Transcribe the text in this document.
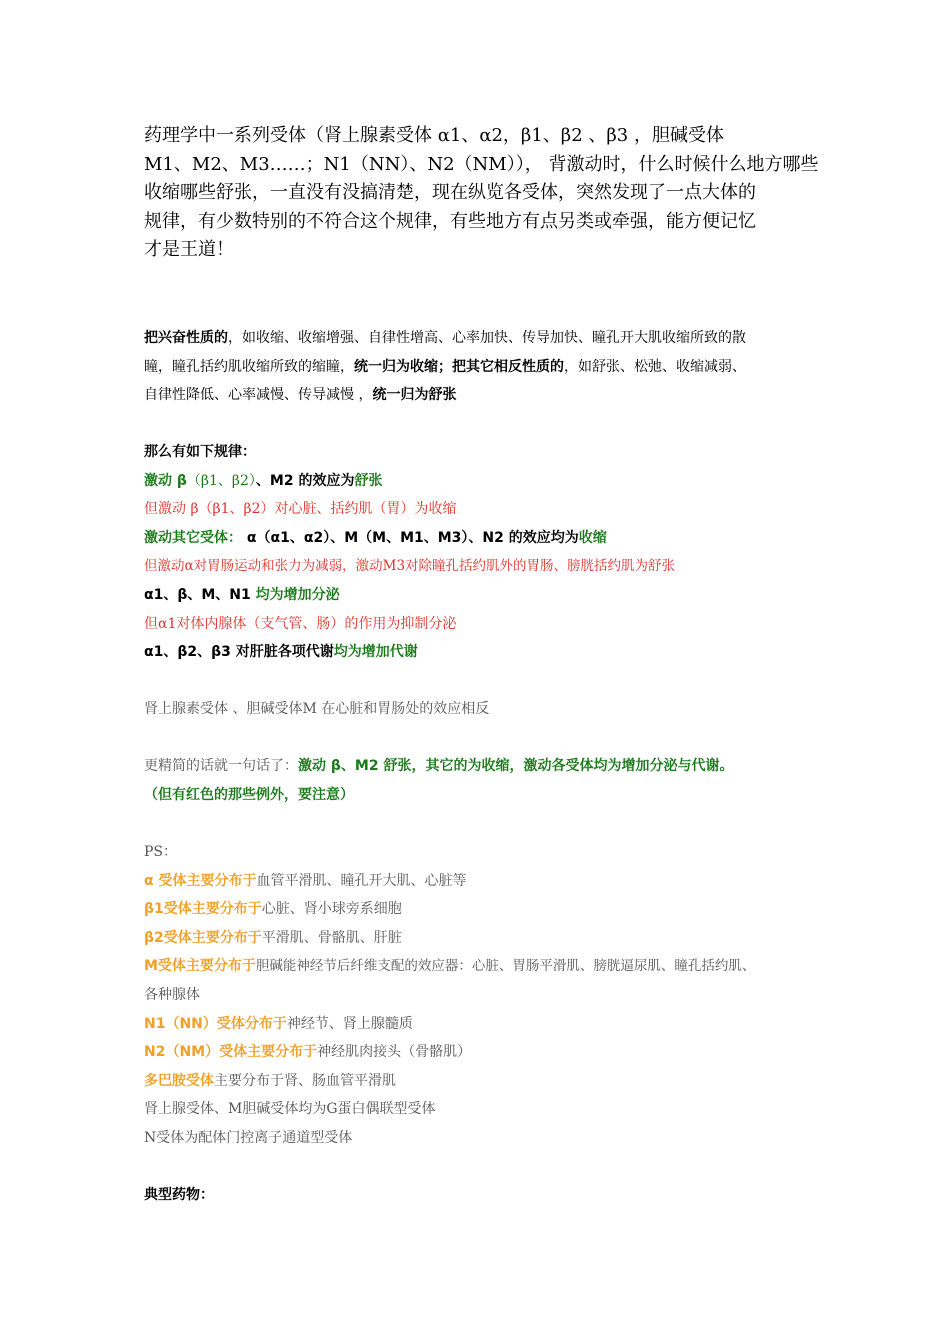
药理学中一系列受体（肾上腺素受体 α1、α2，β1、β2 、β3 ，胆碱受体
M1、M2、M3……；N1（NN）、N2（NM））， 背激动时，什么时候什么地方哪些
收缩哪些舒张，一直没有没搞清楚，现在纵览各受体，突然发现了一点大体的
规律，有少数特别的不符合这个规律，有些地方有点另类或牵强，能方便记忆
才是王道！
把兴奋性质的，如收缩、收缩增强、自律性增高、心率加快、传导加快、瞳孔开大肌收缩所致的散
瞳，瞳孔括约肌收缩所致的缩瞳，统一归为收缩；把其它相反性质的，如舒张、松弛、收缩减弱、
自律性降低、心率减慢、传导减慢 ，统一归为舒张
那么有如下规律：
激动 β（β1、β2）、M2 的效应为舒张
但激动 β（β1、β2）对心脏、括约肌（胃）为收缩
激动其它受体： α（α1、α2）、M（M、M1、M3）、N2 的效应均为收缩
但激动α对胃肠运动和张力为减弱，激动M3对除瞳孔括约肌外的胃肠、膀胱括约肌为舒张
α1、β、M、N1 均为增加分泌
但α1对体内腺体（支气管、肠）的作用为抑制分泌
α1、β2、β3 对肝脏各项代谢均为增加代谢
肾上腺素受体 、胆碱受体M 在心脏和胃肠处的效应相反
更精简的话就一句话了：激动 β、M2 舒张，其它的为收缩，激动各受体均为增加分泌与代谢。
（但有红色的那些例外，要注意）
PS：
α 受体主要分布于血管平滑肌、瞳孔开大肌、心脏等
β1受体主要分布于心脏、肾小球旁系细胞
β2受体主要分布于平滑肌、骨骼肌、肝脏
M受体主要分布于胆碱能神经节后纤维支配的效应器：心脏、胃肠平滑肌、膀胱逼尿肌、瞳孔括约肌、
各种腺体
N1（NN）受体分布于神经节、肾上腺髓质
N2（NM）受体主要分布于神经肌肉接头（骨骼肌）
多巴胺受体主要分布于肾、肠血管平滑肌
肾上腺受体、M胆碱受体均为G蛋白偶联型受体
N受体为配体门控离子通道型受体
典型药物：
